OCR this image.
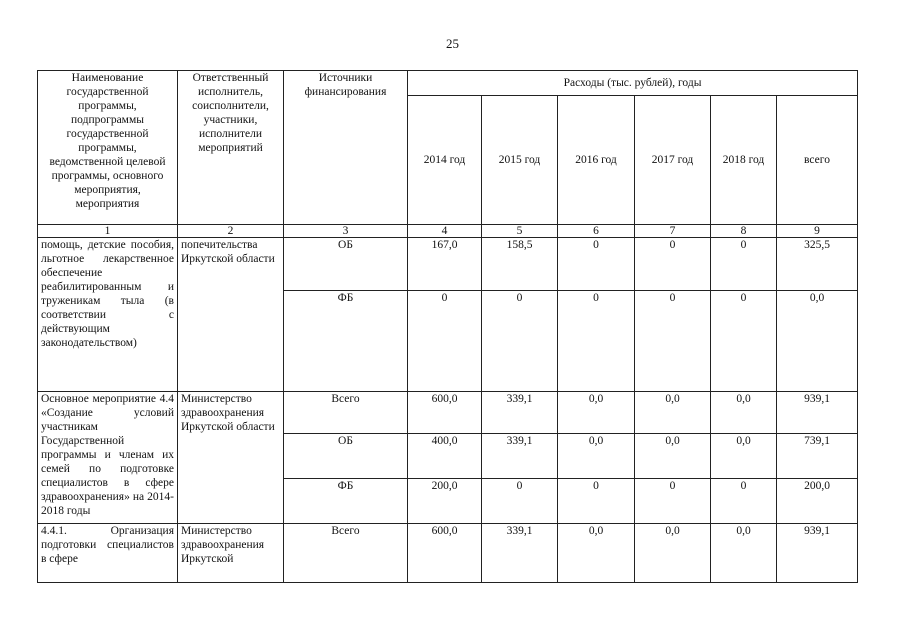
25
Наименование государственной программы, подпрограммы государственной программы, ведомственной целевой программы, основного мероприятия, мероприятия	Ответственный исполнитель, соисполнители, участники, исполнители мероприятий	Источники финансирования	Расходы (тыс. рублей), годы					
			2014 год	2015 год	2016 год	2017 год	2018 год	всего
1	2	3	4	5	6	7	8	9
помощь, детские пособия, льготное лекарственное обеспечение реабилитированным и труженикам тыла (в соответствии с действующим законодательством)	попечительства Иркутской области	ОБ	167,0	158,5	0	0	0	325,5
		ФБ	0	0	0	0	0	0,0
Основное мероприятие 4.4 «Создание условий участникам Государственной программы и членам их семей по подготовке специалистов в сфере здравоохранения» на 2014-2018 годы	Министерство здравоохранения Иркутской области	Всего	600,0	339,1	0,0	0,0	0,0	939,1
		ОБ	400,0	339,1	0,0	0,0	0,0	739,1
		ФБ	200,0	0	0	0	0	200,0
4.4.1. Организация подготовки специалистов в сфере	Министерство здравоохранения Иркутской	Всего	600,0	339,1	0,0	0,0	0,0	939,1
